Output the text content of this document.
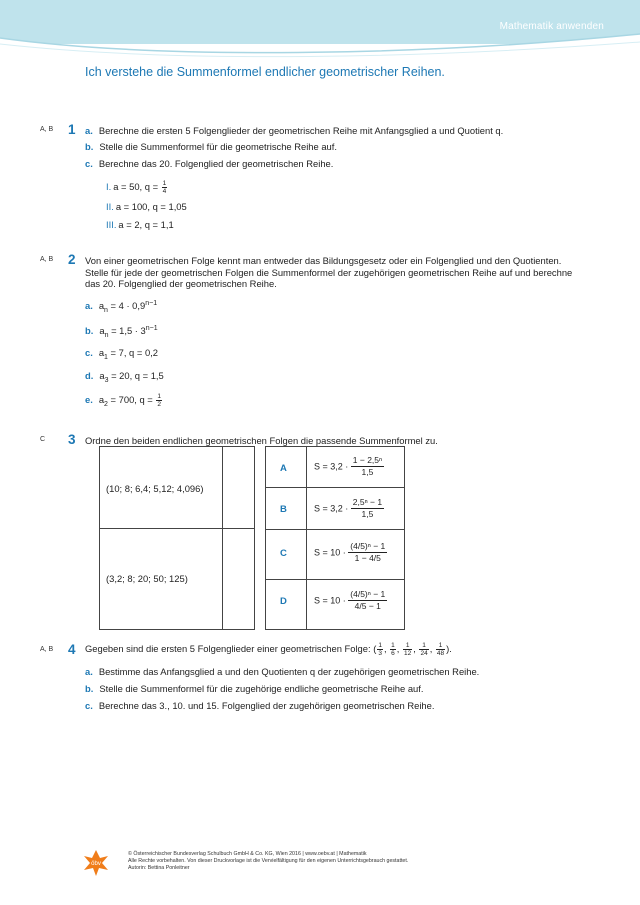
Mathematik anwenden
Ich verstehe die Summenformel endlicher geometrischer Reihen.
A, B 1 a. Berechne die ersten 5 Folgenglieder der geometrischen Reihe mit Anfangsglied a und Quotient q.
b. Stelle die Summenformel für die geometrische Reihe auf.
c. Berechne das 20. Folgenglied der geometrischen Reihe.
I. a = 50, $q = \frac{1}{4}$
II. a = 100, q = 1,05
III. a = 2, q = 1,1
A, B 2 Von einer geometrischen Folge kennt man entweder das Bildungsgesetz oder ein Folgenglied und den Quotienten. Stelle für jede der geometrischen Folgen die Summenformel der zugehörigen geometrischen Reihe auf und berechne das 20. Folgenglied der geometrischen Reihe.
a. $a_n = 4 \cdot 0,9^{n-1}$
b. $a_n = 1,5 \cdot 3^{n-1}$
c. $a_1 = 7$, q = 0,2
d. $a_3 = 20$, q = 1,5
e. $a_2 = 700$, $q = \frac{1}{2}$
C 3 Ordne den beiden endlichen geometrischen Folgen die passende Summenformel zu.
(10; 8; 6,4; 5,12; 4,096)
(3,2; 8; 20; 50; 125)
A	$S = 3,2 \cdot \frac{\text{1 − 2,5ⁿ}}{1,5}$
B	$S = 3,2 \cdot \frac{\text{2,5ⁿ − 1}}{1,5}$
C	$S = 10 \cdot \frac{\text{(4/5)ⁿ − 1}}{1 - 4/5}$
D	$S = 10 \cdot \frac{\text{(4/5)ⁿ − 1}}{4/5 - 1}$
A, B 4 Gegeben sind die ersten 5 Folgenglieder einer geometrischen Folge: ( $\frac{1}{3}$ , $\frac{1}{6}$ , $\frac{1}{12}$ , $\frac{1}{24}$ , $\frac{1}{48}$ ).
a. Bestimme das Anfangsglied a und den Quotienten q der zugehörigen geometrischen Reihe.
b. Stelle die Summenformel für die zugehörige endliche geometrische Reihe auf.
c. Berechne das 3., 10. und 15. Folgenglied der zugehörigen geometrischen Reihe.
öbv
© Österreichischer Bundesverlag Schulbuch GmbH & Co. KG, Wien 2016 | www.oebv.at | Mathematik
Alle Rechte vorbehalten. Von dieser Druckvorlage ist die Vervielfältigung für den eigenen Unterrichtsgebrauch gestattet.
Autorin: Bettina Ponleitner
